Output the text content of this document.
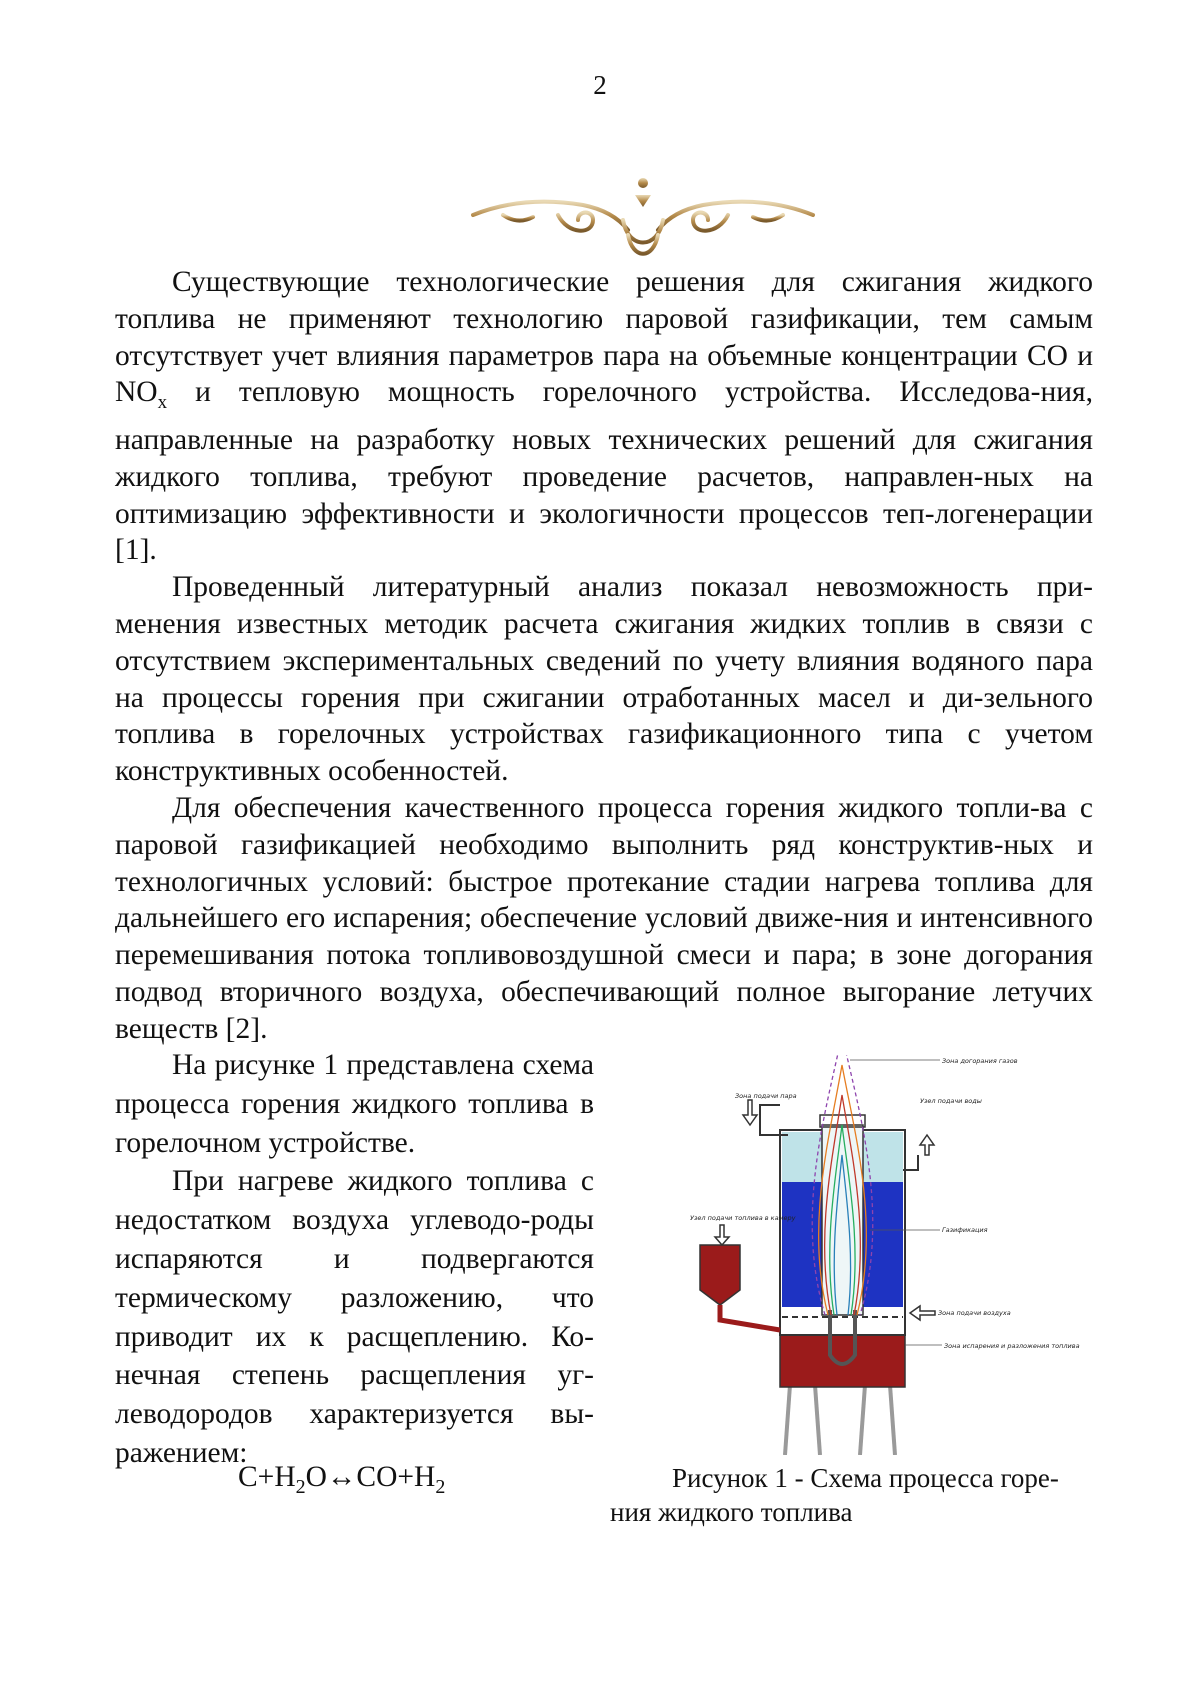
2

Существующие технологические решения для сжигания жидкого топлива не применяют технологию паровой газификации, тем самым отсутствует учет влияния параметров пара на объемные концентрации CO и $NO_x$ и тепловую мощность горелочного устройства. Исследова-ния, направленные на разработку новых технических решений для сжигания жидкого топлива, требуют проведение расчетов, направлен-ных на оптимизацию эффективности и экологичности процессов теп-логенерации [1].

Проведенный литературный анализ показал невозможность при-менения известных методик расчета сжигания жидких топлив в связи с отсутствием экспериментальных сведений по учету влияния водяного пара на процессы горения при сжигании отработанных масел и ди-зельного топлива в горелочных устройствах газификационного типа с учетом конструктивных особенностей.

Для обеспечения качественного процесса горения жидкого топли-ва с паровой газификацией необходимо выполнить ряд конструктив-ных и технологичных условий: быстрое протекание стадии нагрева топлива для дальнейшего его испарения; обеспечение условий движе-ния и интенсивного перемешивания потока топливовоздушной смеси и пара; в зоне догорания подвод вторичного воздуха, обеспечивающий полное выгорание летучих веществ [2].

На рисунке 1 представлена схема процесса горения жидкого топлива в горелочном устройстве.

При нагреве жидкого топлива с недостатком воздуха углеводо-роды испаряются и подвергаются термическому разложению, что приводит их к расщеплению. Ко-нечная степень расщепления уг-леводородов характеризуется вы-ражением:

$C+H_2O\leftrightarrow CO+H_2$
Зона догорания газов
Зона подачи пара
Узел подачи воды
Узел подачи топлива в камеру
Газификация
Зона подачи воздуха
Зона испарения и разложения топлива
Рисунок 1 - Схема процесса горе-
ния жидкого топлива
